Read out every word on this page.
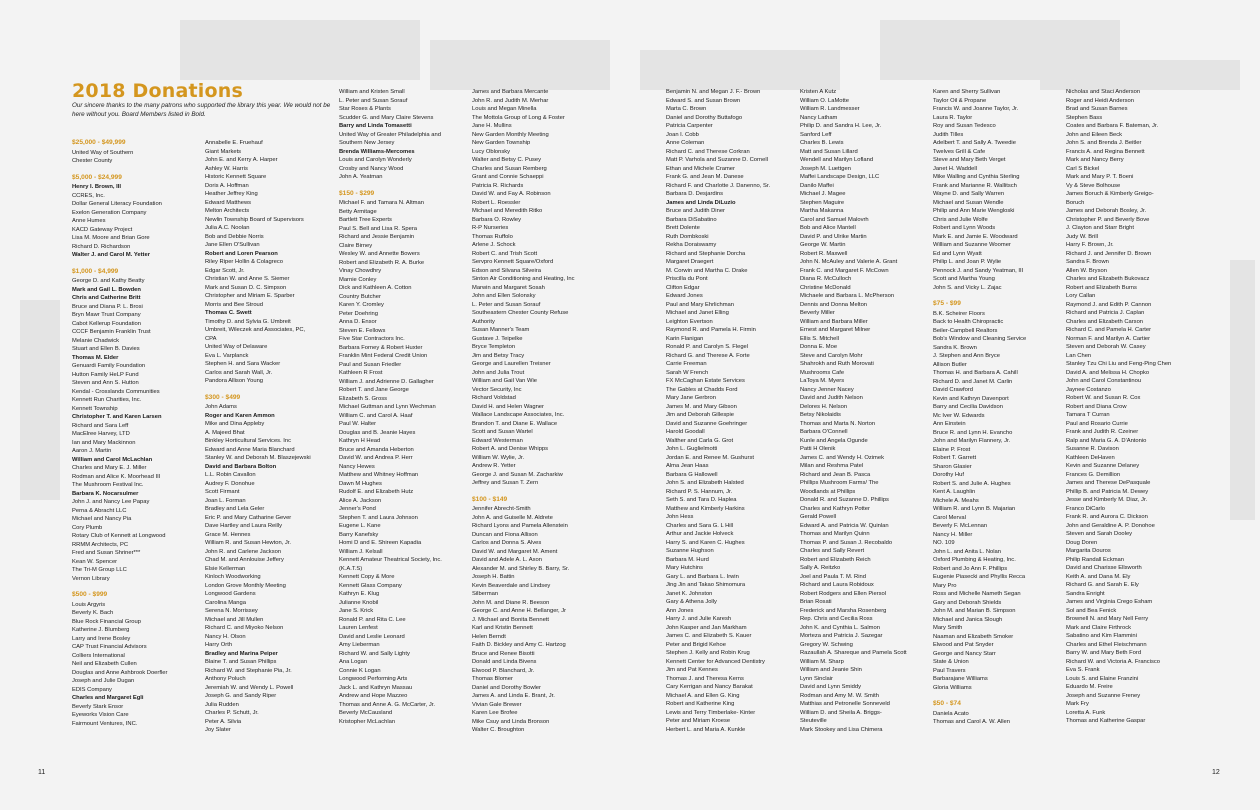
2018 Donations
Our sincere thanks to the many patrons who supported the library this year. We would not be here without you. Board Members listed in Bold.
$25,000 - $49,999
United Way of Southern
Chester County
$5,000 - $24,999
Henry I. Brown, III
CCRES, Inc.
Dollar General Literacy Foundation
Exelon Generation Company
Anne Humes
KACD Gateway Project
Lisa M. Moore and Brian Gore
Richard D. Richardson
Walter J. and Carol M. Yetter
$1,000 - $4,999
George D. and Kathy Beatty
Mark and Gail L. Bowden
Chris and Catherine Britt
Bruce and Diana P. L. Brosi
Bryn Mawr Trust Company
Cabot Kellerup Foundation
CCCF Benjamin Franklin Trust
Melanie Chadwick
Stuart and Ellen B. Davies
Thomas M. Elder
Genuardi Family Foundation
Hutton Family HeLP Fund
Steven and Ann S. Hutton
Kendal - Crosslands Communities
Kennett Run Charities, Inc.
Kennett Township
Christopher T. and Karen Larsen
Richard and Sara Leff
MacElree Harvey, LTD
Ian and Mary Mackinnon
Aaron J. Martin
William and Carol McLachlan
Charles and Mary E. J. Miller
Rodman and Alice K. Moorhead III
The Mushroom Festival Inc.
Barbara K. Nocarsulmer
John J. and Nancy Lee Papay
Perna & Abracht LLC
Michael and Nancy Pia
Cory Plumb
Rotary Club of Kennett at Longwood
RRMM Architects, PC
Fred and Susan Shriner***
Kean W. Spencer
The Tri-M Group LLC
Vernon Library
$500 - $999
Louis Argyris
Beverly K. Bach
Blue Rock Financial Group
Katherine J. Blumberg
Larry and Irene Bosley
CAP Trust Financial Advisors
Colliers International
Neil and Elizabeth Cullen
Douglas and Anne Ashbrook Doerfler
Joseph and Julie Dugan
EDIS Company
Charles and Margaret Egli
Beverly Stark Ensor
Eyeworks Vision Care
Fairmount Ventures, INC.
Annabelle E. Fruehauf
Giant Markets
John E. and Kerry A. Harper
Ashley W. Harris
Historic Kennett Square
Doris A. Hoffman
Heather Jeffrey King
Edward Matthews
Melton Architects
Newlin Township Board of Supervisors
Julia A.C. Noolan
Bob and Debbie Norris
Jane Ellen O'Sullivan
Robert and Loren Pearson
Riley Riper Hollin & Colagreco
Edgar Scott, Jr.
Christian W. and Anne S. Siemer
Mark and Susan D. C. Simpson
Christopher and Miriam E. Sparber
Morris and Bee Stroud
Thomas C. Swett
Timothy D. and Sylvia G. Umbreit
Umbreit, Wileczek and Associates, PC,
CPA
United Way of Delaware
Eva L. Varplanck
Stephen H. and Sara Wacker
Carlos and Sarah Wall, Jr.
Pandora Allison Young
$300 - $499
John Adams
Roger and Karen Ammon
Mike and Dina Appleby
A. Majeed Bhat
Binkley Horticultural Services. Inc
Edward and Anne Maria Blanchard
Stanley W. and Deborah M. Blaszejewski
David and Barbara Bolton
L.L. Robin Cavallon
Audrey F. Donohue
Scott Firmant
Joan L. Forman
Bradley and Lela Geler
Eric P. and Mary Catharine Gever
Dave Hartley and Laura Reilly
Grace M. Hennes
William R. and Susan Hewton, Jr.
John R. and Carlene Jackson
Chad M. and Annlouise Jeffery
Elsie Kellerman
Kinloch Woodworking
London Grove Monthly Meeting
Longwood Gardens
Carolina Manga
Serena N. Morrissey
Michael and Jill Mullen
Richard C. and Miyoko Nelson
Nancy H. Olson
Harry Orth
Bradley and Marina Peiper
Blaine T. and Susan Phillips
Richard W. and Stephanie Pia, Jr.
Anthony Poluch
Jeremiah W. and Wendy L. Powell
Joseph G. and Sandy Riper
Julia Rudden
Charles P. Schutt, Jr.
Peter A. Silvia
Joy Slater
William and Kristen Small
L. Peter and Susan Sorauf
Star Roses & Plants
Scudder G. and Mary Claire Stevens
Barry and Linda Tomasetti
United Way of Greater Philadelphia and
Southern New Jersey
Brenda Williams-Mercomes
Louis and Carolyn Wonderly
Crosby and Nancy Wood
John A. Yeatman
$150 - $299
Michael F. and Tamara N. Altman
Betty Armitage
Bartlett Tree Experts
Paul S. Bell and Lisa R. Spera
Richard and Jessie Benjamin
Claire Birney
Wesley W. and Annette Bowers
Robert and Elizabeth R. A. Burke
Vinay Chowdhry
Marnie Conley
Dick and Kathleen A. Cotton
Country Butcher
Karen Y. Cromley
Peter Doehring
Anna D. Ensor
Steven E. Fellows
Five Star Contractors Inc.
Barbara Forney & Robert Huxter
Franklin Mint Federal Credit Union
Paul and Susan Friedler
Kathleen R Frost
William J. and Adrienne D. Gallagher
Robert T. and Jane George
Elizabeth S. Gross
Michael Guttman and Lynn Wechman
William C. and Carol A. Haaf
Paul W. Halter
Douglas and B. Jeanie Hayes
Kathryn H Head
Bruce and Amanda Heberton
David W. and Andrea P. Herr
Nancy Hewes
Matthew and Whitney Hoffman
Dawn M Hughes
Rudolf E. and Elizabeth Hutz
Alice A. Jackson
Jenner's Pond
Stephen T. and Laura Johnson
Eugene L. Kane
Barry Kanefsky
Homi D and E. Shireen Kapadia
William J. Kelsall
Kennett Amateur Theatrical Society, Inc.
(K.A.T.S)
Kennett Copy & More
Kennett Glass Company
Kathryn E. Klug
Julianne Knobil
Jane S. Krick
Ronald P. and Rita C. Lee
Lauren Lenfest
David and Leslie Leonard
Amy Lieberman
Richard W. and Sally Lighty
Ana Logan
Connie K Logan
Longwood Performing Arts
Jack L. and Kathryn Massau
Andrew and Hope Mazzeo
Thomas and Anne A. G. McCarter, Jr.
Beverly McCausland
Kristopher McLachlan
James and Barbara Mercante
John R. and Judith M. Merhar
Louis and Megan Minella
The Mottola Group of Long & Foster
Jane H. Mullins
New Garden Monthly Meeting
New Garden Township
Lucy Oblonsky
Walter and Betsy C. Pusey
Charles and Susan Remberg
Grant and Connie Schaeppi
Patricia R. Richards
David W. and Fay A. Robinson
Robert L. Roessler
Michael and Meredith Ritko
Barbara O. Rowley
R-P Nurseries
Thomas Ruffolo
Arlene J. Schock
Robert C. and Trish Scott
Servpro Kennett Square/Oxford
Edson and Silvana Silveira
Sinton Air Conditioning and Heating, Inc
Marwin and Margaret Sosah
John and Ellen Solonsky
L. Peter and Susan Sorauf
Southeastern Chester County Refuse
Authority
Susan Manner's Team
Gustave J. Teipelke
Bryce Templeton
Jim and Betsy Tracy
George and Laurellen Treisner
John and Julia Trout
William and Gail Van Wie
Vector Security, Inc
Richard Voldstad
David H. and Helen Wagner
Wallace Landscape Associates, Inc.
Brandon T. and Diane E. Wallace
Scott and Susan Wartel
Edward Westerman
Robert A. and Denise Whipps
William W. Wylie, Jr.
Andrew R. Yetter
George J. and Susan M. Zacharkiw
Jeffrey and Susan T. Zern
$100 - $149
Jennifer Abrecht-Smith
John A. and Guiselle M. Aldrete
Richard Lyons and Pamela Allenstein
Duncan and Fiona Allison
Carlos and Donna S. Alves
David W. and Margaret M. Ament
David and Adele A. L. Axon
Alexander M. and Shirley B. Barry, Sr.
Joseph H. Battin
Kevin Beaverdale and Lindsey
Silberman
John M. and Diane R. Beeson
George C. and Anne H. Bellanger, Jr
J. Michael and Bonita Bennett
Karl and Kristin Bennett
Helen Berndt
Faith D. Bickley and Amy C. Hartzog
Bruce and Renee Bisotti
Donald and Linda Bivens
Elwood P. Blanchard, Jr.
Thomas Blomer
Daniel and Dorothy Bowler
James A. and Linda E. Brant, Jr.
Vivian Gale Brewer
Karen Lee Brofee
Mike Csuy and Linda Bronson
Walter C. Broughton
Benjamin N. and Megan J. F.- Brown
Edward S. and Susan Brown
Marta C. Brown
Daniel and Dorothy Buttafogo
Patricia Carpenter
Joan I. Cobb
Anne Coleman
Richard C. and Therese Corkran
Matt P. Varhola and Suzanne D. Cornell
Ethan and Michele Cramer
Frank G. and Jean M. Danese
Richard F. and Charlotte J. Danenno, Sr.
Barbara D. Desjardins
James and Linda DiLuzio
Bruce and Judith Diner
Barbara DiSabatino
Brett Dolente
Ruth Dombkoski
Rekha Doraiswamy
Richard and Stephanie Dorcha
Margaret Draegert
M. Corwin and Martha C. Drake
Priscilla du Pont
Clifton Edgar
Edward Jones
Paul and Mary Ehrlichman
Michael and Janet Elling
Leighton Evertson
Raymond R. and Pamela H. Firmin
Karin Flanigan
Ronald P. and Carolyn S. Flegel
Richard G. and Therese A. Forte
Carrie Freeman
Sarah W French
FX McCaghan Estate Services
The Gables at Chadds Ford
Mary Jane Gerbron
James M. and Mary Gibson
Jim and Deborah Gillespie
David and Suzanne Goehringer
Harold Goodall
Walther and Carla G. Grot
John L. Guglielmotti
Jordan E. and Renee M. Gushurst
Alma Jean Haas
Barbara G Hallowell
John S. and Elizabeth Halsted
Richard P. S. Hannum, Jr.
Seth S. and Tara D. Haplea
Matthew and Kimberly Harkins
John Hess
Charles and Sara G. L Hill
Arthur and Jackie Holveck
Harry S. and Karen C. Hughes
Suzanne Hughson
Barbara M. Hurd
Mary Hutchins
Gary L. and Barbara L. Irwin
Jing Jin and Takao Shimomura
Janet K. Johnston
Gary & Athena Jolly
Ann Jones
Harry J. and Julie Karesh
John Kasper and Jan Markham
James C. and Elizabeth S. Kauer
Peter and Brigid Kehoe
Stephen J. Kelly and Robin Krug
Kennett Center for Advanced Dentistry
Jim and Pat Kennes
Thomas J. and Theresa Kerns
Cary Kerrigan and Nancy Barakat
Michael A. and Ellen G. King
Robert and Katherine King
Lewis and Terry Timberlake- Kinter
Peter and Miriam Kroese
Herbert L. and Maria A. Kunkle
Kristen A Kutz
William O. LaMotte
William R. Landmesser
Nancy Latham
Philip D. and Sandra H. Lee, Jr.
Sanford Leff
Charles B. Lewis
Matt and Susan Lillard
Wendell and Marilyn Lofland
Joseph M. Luettgen
Maffei Landscape Design, LLC
Danilo Maffei
Michael J. Magee
Stephen Maguire
Martha Makanna
Carol and Samuel Malovrh
Bob and Alice Mantell
David P. and Ulrike Martin
George W. Martin
Robert R. Maxwell
John N. McAuley and Valerie A. Grant
Frank C. and Margaret F. McCown
Diana R. McCulloch
Christine McDonald
Michaele and Barbara L. McPherson
Dennis and Donna Melton
Beverly Miller
William and Barbara Miller
Ernest and Margaret Milner
Ellis S. Mitchell
Donna E. Moe
Steve and Carolyn Mohr
Shahrokh and Ruth Morovati
Mushrooms Cafe
LaToya M. Myers
Nancy Jenner Nacey
David and Judith Nelson
Delores H. Nelson
Betsy Nikolaidis
Thomas and Marta N. Norton
Barbara O'Connell
Kunle and Angela Ogunde
Patti H Olenik
James C. and Wendy H. Ozimek
Milan and Reshma Patel
Richard and Jean B. Pasca
Phillips Mushroom Farms/ The
Woodlands at Phillips
Donald R. and Suzanne D. Phillips
Charles and Kathryn Potter
Gerald Powell
Edward A. and Patricia W. Quinlan
Thomas and Marilyn Quinn
Thomas P. and Susan J. Recobaldo
Charles and Sally Revert
Robert and Elizabeth Reich
Sally A. Reitzko
Joel and Paula T. M. Rind
Richard and Laura Robidoux
Robert Rodgers and Ellen Piersol
Brian Rosati
Frederick and Marsha Rosenberg
Rep. Chris and Cecilia Ross
John K. and Cynthia L. Salmon
Morteza and Patricia J. Sazegar
Gregory W. Schwing
Razaullah A. Shareque and Pamela Scott
William M. Sharp
William and Jeanie Shin
Lynn Sinclair
David and Lynn Smiddy
Rodman and Amy M. W. Smith
Matthias and Petronelle Sonneveld
William D. and Sheila A. Briggs-
Steuteville
Mark Stookey and Lisa Chimera
Karen and Sherry Sullivan
Taylor Oil & Propane
Francis W. and Joanne Taylor, Jr.
Laura R. Taylor
Roy and Susan Tedesco
Judith Tilles
Adelbert T. and Sally A. Tweedie
Twelves Grill & Cafe
Steve and Mary Beth Verget
Janet H. Waddell
Mike Walling and Cynthia Sterling
Frank and Marianne R. Wallitsch
Wayne D. and Sally Warren
Michael and Susan Wendle
Philip and Ann Marie Wengloski
Chris and Julie Wolfe
Robert and Lynn Woods
Mark E. and Jamie E. Woodward
William and Suzanne Woomer
Ed and Lynn Wyatt
Philip L. and Joan P. Wylie
Pennock J. and Sandy Yeatman, III
Scott and Martha Young
John S. and Vicky L. Zajac
$75 - $99
B.K. Scheirer Floors
Back to Health Chiropractic
Beiler-Campbell Realtors
Bob's Window and Cleaning Service
Sandra K. Brown
J. Stephen and Ann Bryce
Allison Butler
Thomas H. and Barbara A. Cahill
Richard D. and Janet M. Carlin
David Crawford
Kevin and Kathryn Davenport
Barry and Cecilia Davidson
Mc Iver W. Edwards
Ann Einstein
Bruce R. and Lynn H. Evancho
John and Marilyn Flannery, Jr.
Elaine P. Frost
Robert T. Garrett
Sharon Glasier
Dorothy Huf
Robert S. and Julie A. Hughes
Kent A. Laughlin
Michele A. Meahs
William R. and Lynn B. Majarian
Carol Merval
Beverly F. McLennan
Nancy H. Miller
NO. 109
John L. and Anita L. Nolan
Oxford Plumbing & Heating, Inc.
Robert and Jo Ann F. Phillips
Eugenie Piasecki and Phyllis Recca
Mary Pro
Ross and Michelle Nameth Segan
Gary and Deborah Shields
John M. and Marian B. Simpson
Michael and Janica Slough
Mary Smith
Naaman and Elizabeth Smoker
Elwood and Pat Snyder
George and Nancy Starr
State & Union
Paul Travers
Barbarajane Williams
Gloria Williams
$50 - $74
Daniela Acato
Thomas and Carol A. W. Allen
Nicholas and Staci Anderson
Roger and Heidi Anderson
Brad and Susan Barnes
Stephen Bass
Coates and Barbara F. Bateman, Jr.
John and Eileen Beck
John S. and Brenda J. Beitler
Francis A. and Regina Bennett
Mark and Nancy Berry
Carl S Bickel
Mark and Mary P. T. Boeni
Vy & Steve Bolhouse
James Boruch & Kimberly Greigo-
Boruch
James and Deborah Bosley, Jr.
Christopher P. and Beverly Bove
J. Clayton and Starr Bright
Judy W. Brill
Harry F. Brown, Jr.
Richard J. and Jennifer D. Brown
Sandra F. Brown
Allen W. Bryson
Charles and Elizabeth Bukovacz
Robert and Elizabeth Burns
Lory Callan
Raymond J. and Edith P. Cannon
Richard and Patricia J. Caplan
Charles and Elizabeth Carson
Richard C. and Pamela H. Carter
Norman F. and Marilyn A. Cartier
Steven and Deborah W. Casey
Lan Chen
Stanley Tzu Chi Liu and Feng-Ping Chen
David A. and Melissa H. Chopko
John and Carol Constantinou
Jaynee Costanzo
Robert W. and Susan R. Cox
Robert and Diana Crow
Tamara T Curran
Paul and Rosario Currie
Frank and Judith R. Czeiner
Ralp and Maria G. A. D'Antonio
Susanne R. Davison
Kathleen DeHaven
Kevin and Suzanne Delaney
Frances G. Demillion
James and Therese DePasquale
Phillip B. and Patricia M. Dewey
Jesse and Kimberly M. Diaz, Jr.
Franco DiCarlo
Frank R. and Aurora C. Dickson
John and Geraldine A. P. Donohoe
Steven and Sarah Dooley
Doug Doren
Margarita Douros
Philip Randall Eckman
David and Charisse Ellsworth
Keith A. and Dana M. Ely
Richard G. and Sarah E. Ely
Sandra Enright
James and Virginia Crego Esham
Sol and Bea Fenick
Brownell N. and Mary Nell Ferry
Mark and Claire Firthrock
Sabatino and Kim Flammini
Charles and Ethel Fleischmann
Barry W. and Mary Beth Ford
Richard W. and Victoria A. Francisco
Eva S. Frank
Louis S. and Elaine Franzini
Eduardo M. Freire
Joseph and Suzanne Freney
Mark Fry
Loretta A. Funk
Thomas and Katherine Gaspar
11	12
